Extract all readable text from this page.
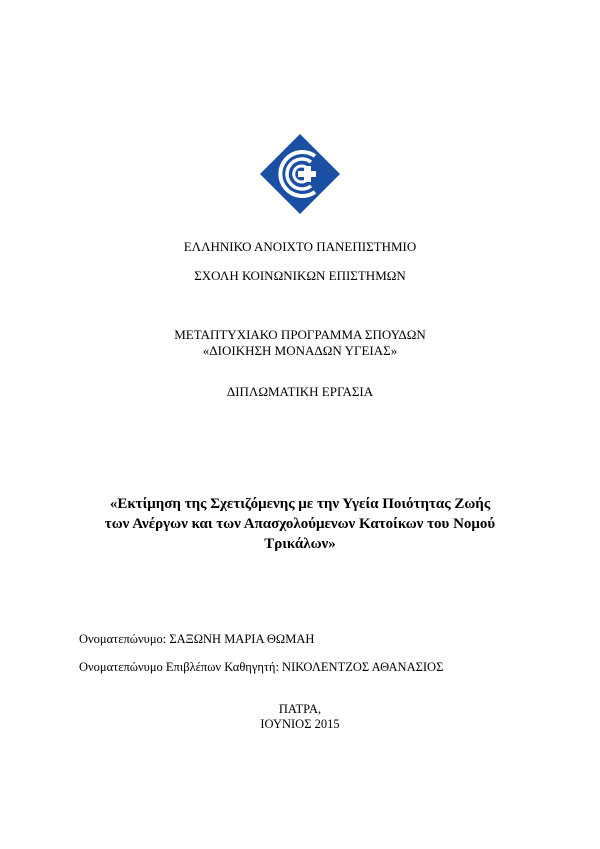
ΕΛΛΗΝΙΚΟ ΑΝΟΙΧΤΟ ΠΑΝΕΠΙΣΤΗΜΙΟ
ΣΧΟΛΗ ΚΟΙΝΩΝΙΚΩΝ ΕΠΙΣΤΗΜΩΝ
ΜΕΤΑΠΤΥΧΙΑΚΟ ΠΡΟΓΡΑΜΜΑ ΣΠΟΥΔΩΝ
«ΔΙΟΙΚΗΣΗ ΜΟΝΑΔΩΝ ΥΓΕΙΑΣ»
ΔΙΠΛΩΜΑΤΙΚΗ ΕΡΓΑΣΙΑ
«Εκτίμηση της Σχετιζόμενης με την Υγεία Ποιότητας Ζωής
των Ανέργων και των Απασχολούμενων Κατοίκων του Νομού
Τρικάλων»
Ονοματεπώνυμο: ΣΑΞΩΝΗ ΜΑΡΙΑ ΘΩΜΑΗ
Ονοματεπώνυμο Επιβλέπων Καθηγητή: ΝΙΚΟΛΕΝΤΖΟΣ ΑΘΑΝΑΣΙΟΣ
ΠΑΤΡΑ,
ΙΟΥΝΙΟΣ 2015
